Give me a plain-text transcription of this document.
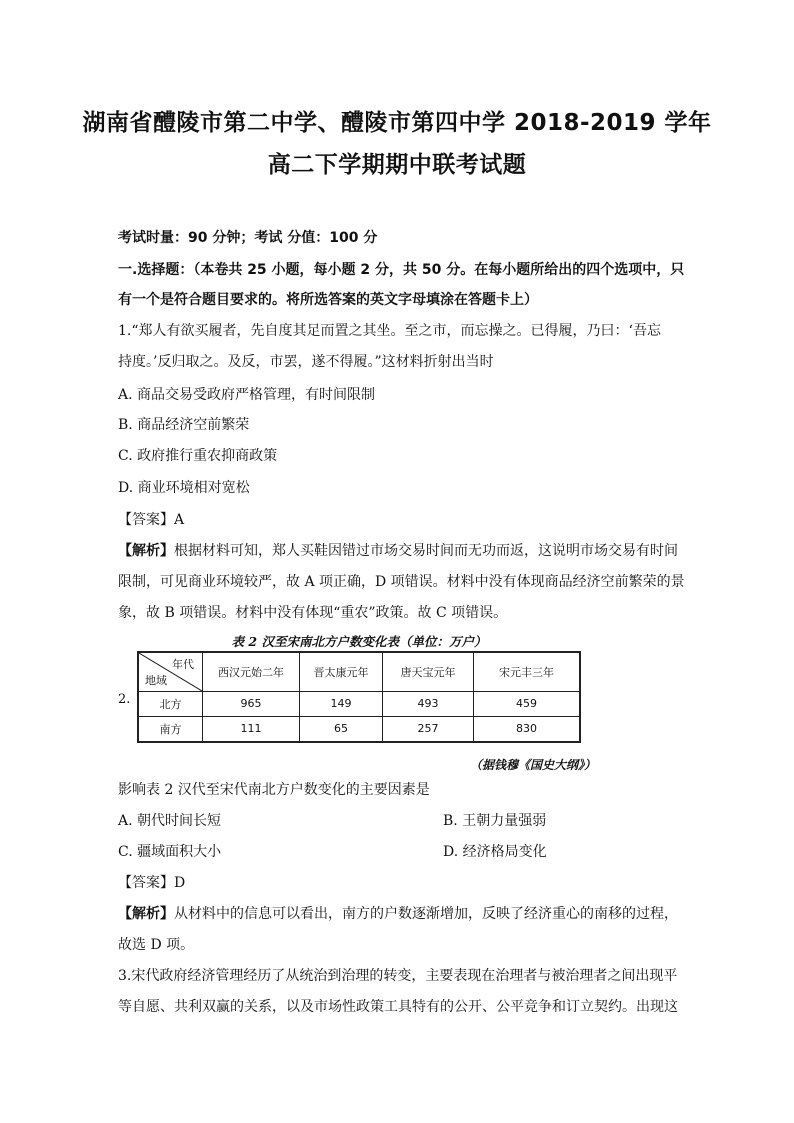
湖南省醴陵市第二中学、醴陵市第四中学 2018-2019 学年
高二下学期期中联考试题
考试时量：90 分钟；考试 分值：100 分
一.选择题：（本卷共 25 小题，每小题 2 分，共 50 分。在每小题所给出的四个选项中，只
有一个是符合题目要求的。将所选答案的英文字母填涂在答题卡上）
1.“郑人有欲买履者，先自度其足而置之其坐。至之市，而忘操之。已得履，乃曰：‘吾忘
持度。’反归取之。及反，市罢，遂不得履。”这材料折射出当时
A. 商品交易受政府严格管理，有时间限制
B. 商品经济空前繁荣
C. 政府推行重农抑商政策
D. 商业环境相对宽松
【答案】A
【解析】根据材料可知，郑人买鞋因错过市场交易时间而无功而返，这说明市场交易有时间
限制，可见商业环境较严，故 A 项正确，D 项错误。材料中没有体现商品经济空前繁荣的景
象，故 B 项错误。材料中没有体现“重农”政策。故 C 项错误。
表 2 汉至宋南北方户数变化表（单位：万户）
2.
年代
地域	西汉元始二年	晋太康元年	唐天宝元年	宋元丰三年
北方	965	149	493	459
南方	111	65	257	830
（据钱穆《国史大纲》）
影响表 2 汉代至宋代南北方户数变化的主要因素是
A. 朝代时间长短	B. 王朝力量强弱
C. 疆域面积大小	D. 经济格局变化
【答案】D
【解析】从材料中的信息可以看出，南方的户数逐渐增加，反映了经济重心的南移的过程，
故选 D 项。
3.宋代政府经济管理经历了从统治到治理的转变，主要表现在治理者与被治理者之间出现平
等自愿、共利双赢的关系，以及市场性政策工具特有的公开、公平竞争和订立契约。出现这
